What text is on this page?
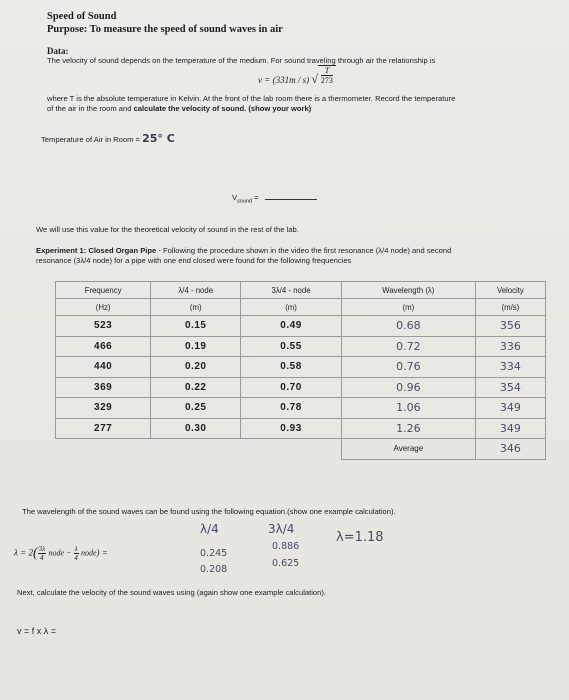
Speed of Sound
Purpose: To measure the speed of sound waves in air
Data:
The velocity of sound depends on the temperature of the medium. For sound traveling through air the relationship is
v = (331m / s) √ $\frac{T}{273}$
where T is the absolute temperature in Kelvin. At the front of the lab room there is a thermometer. Record the temperature
of the air in the room and calculate the velocity of sound. (show your work)
Temperature of Air in Room = 25° C
$V_{sound}$ =
We will use this value for the theoretical velocity of sound in the rest of the lab.
Experiment 1: Closed Organ Pipe - Following the procedure shown in the video the first resonance (λ/4 node) and second
resonance (3λ/4 node) for a pipe with one end closed were found for the following frequencies
Frequency	λ/4 - node	3λ/4 - node	Wavelength (λ)	Velocity
(Hz)	(m)	(m)	(m)	(m/s)
523	0.15	0.49	0.68	356
466	0.19	0.55	0.72	336
440	0.20	0.58	0.76	334
369	0.22	0.70	0.96	354
329	0.25	0.78	1.06	349
277	0.30	0.93	1.26	349
			Average	346
The wavelength of the sound waves can be found using the following equation.(show one example calculation).
$\lambda = 2( \frac{3\lambda}{4}$ node − $\frac{\lambda}{4}$ node) =
λ/4	3λ/4
λ=1.18
0.245
0.886
0.208
0.625
Next, calculate the velocity of the sound waves using (again show one example calculation).
v = f x λ =
